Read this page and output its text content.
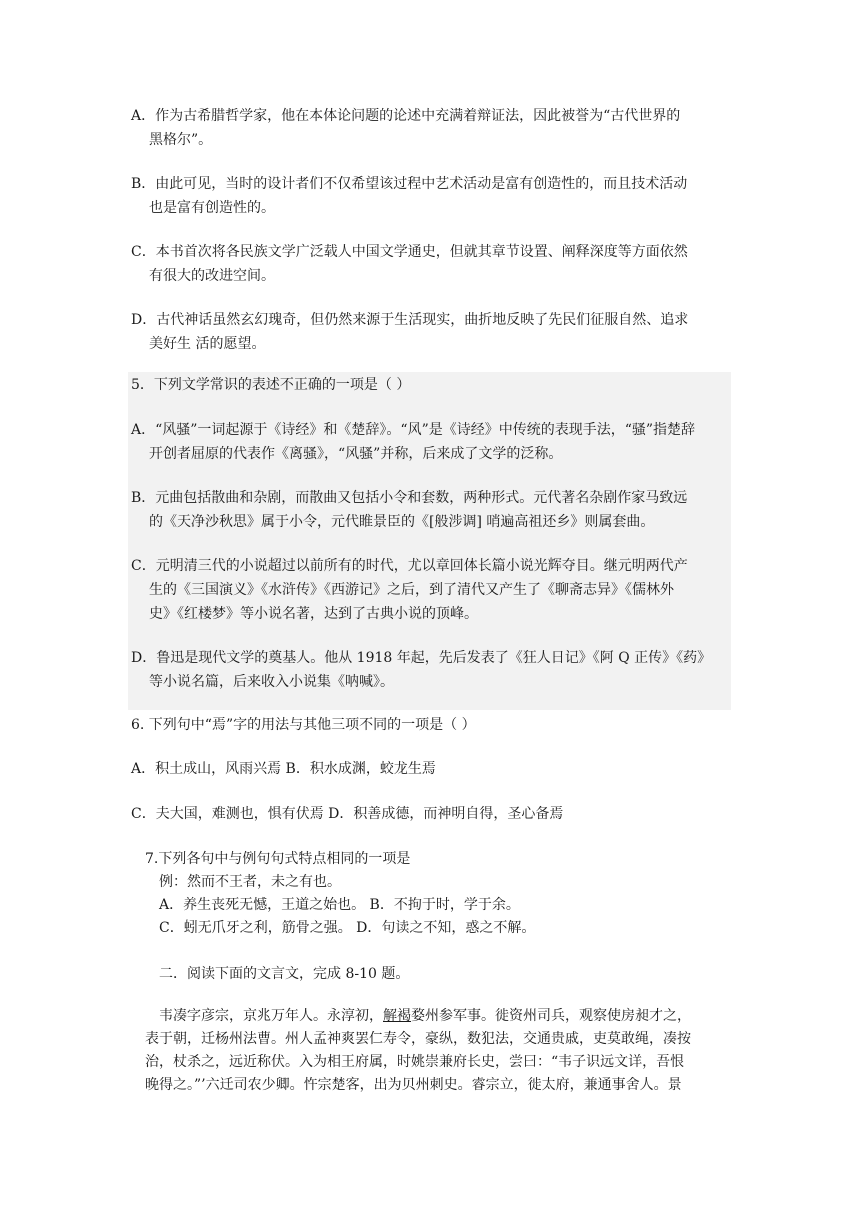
A．作为古希腊哲学家，他在本体论问题的论述中充满着辩证法，因此被誉为“古代世界的
黑格尔”。
B．由此可见，当时的设计者们不仅希望该过程中艺术活动是富有创造性的，而且技术活动
也是富有创造性的。
C．本书首次将各民族文学广泛载人中国文学通史，但就其章节设置、阐释深度等方面依然
有很大的改进空间。
D．古代神话虽然玄幻瑰奇，但仍然来源于生活现实，曲折地反映了先民们征服自然、追求
美好生 活的愿望。
5．下列文学常识的表述不正确的一项是（ ）
A．“风骚”一词起源于《诗经》和《楚辞》。“风”是《诗经》中传统的表现手法，“骚”指楚辞
开创者屈原的代表作《离骚》，“风骚”并称，后来成了文学的泛称。
B．元曲包括散曲和杂剧，而散曲又包括小令和套数，两种形式。元代著名杂剧作家马致远
的《天净沙秋思》属于小令，元代睢景臣的《[般涉调] 哨遍高祖还乡》则属套曲。
C．元明清三代的小说超过以前所有的时代，尤以章回体长篇小说光辉夺目。继元明两代产
生的《三国演义》《水浒传》《西游记》之后，到了清代又产生了《聊斋志异》《儒林外
史》《红楼梦》等小说名著，达到了古典小说的顶峰。
D．鲁迅是现代文学的奠基人。他从 1918 年起，先后发表了《狂人日记》《阿 Q 正传》《药》
等小说名篇，后来收入小说集《呐喊》。
6. 下列句中“焉”字的用法与其他三项不同的一项是（ ）
A．积土成山，风雨兴焉 B．积水成渊，蛟龙生焉
C．夫大国，难测也，惧有伏焉 D．积善成德，而神明自得，圣心备焉
7.下列各句中与例句句式特点相同的一项是
例：然而不王者，未之有也。
A．养生丧死无憾，王道之始也。 B．不拘于时，学于余。
C．蚓无爪牙之利，筋骨之强。 D．句读之不知，惑之不解。
二．阅读下面的文言文，完成 8-10 题。
韦凑字彦宗，京兆万年人。永淳初，解褐婺州参军事。徙资州司兵，观察使房昶才之，
表于朝，迁杨州法曹。州人孟神爽罢仁寿令，豪纵，数犯法，交通贵戚，吏莫敢绳，凑按
治，杖杀之，远近称伏。入为相王府属，时姚崇兼府长史，尝曰：“韦子识远文详，吾恨
晚得之。”’六迁司农少卿。忤宗楚客，出为贝州刺史。睿宗立，徙太府，兼通事舍人。景
